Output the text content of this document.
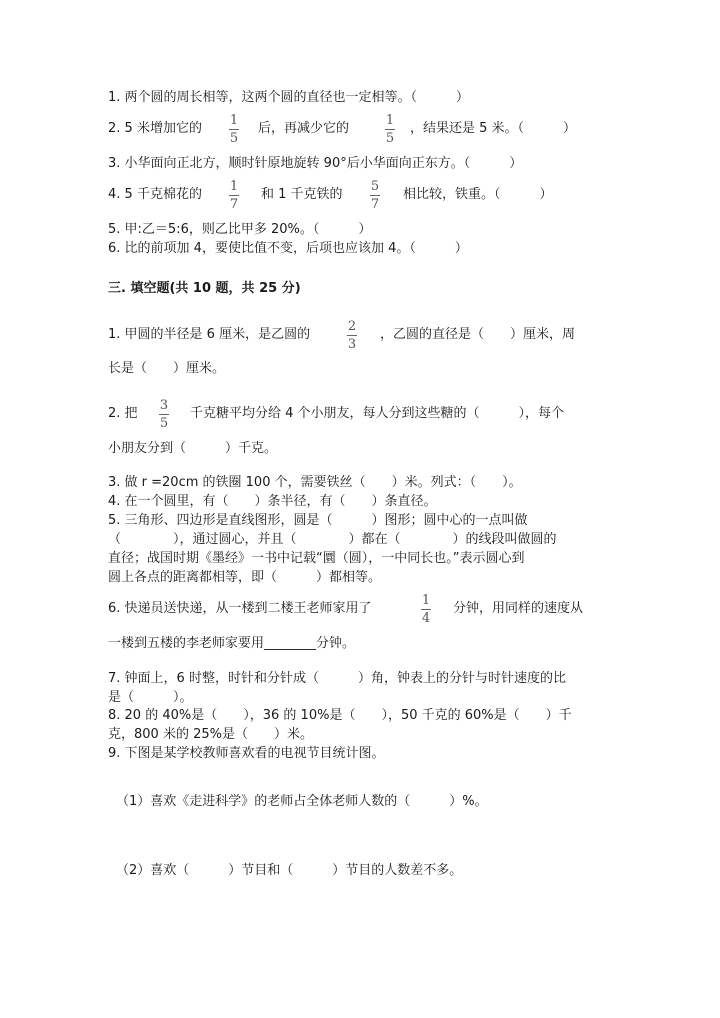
1. 两个圆的周长相等，这两个圆的直径也一定相等。（　　　）
2. 5 米增加它的
1
5
后，再减少它的
1
5
，结果还是 5 米。（　　　）
3. 小华面向正北方，顺时针原地旋转 90°后小华面向正东方。（　　　）
4. 5 千克棉花的
1
7
和 1 千克铁的
5
7
相比较，铁重。（　　　）
5. 甲:乙＝5:6，则乙比甲多 20%。（　　　）
6. 比的前项加 4，要使比值不变，后项也应该加 4。（　　　）
三. 填空题(共 10 题，共 25 分)
1. 甲圆的半径是 6 厘米，是乙圆的
2
3
，乙圆的直径是（　　）厘米，周
长是（　　）厘米。
2. 把
3
5
千克糖平均分给 4 个小朋友，每人分到这些糖的（　　　），每个
小朋友分到（　　　）千克。
3. 做 r =20cm 的铁圈 100 个，需要铁丝（　　）米。列式：（　　）。
4. 在一个圆里，有（　　）条半径，有（　　）条直径。
5. 三角形、四边形是直线图形，圆是（　　　）图形；圆中心的一点叫做
（　　　　），通过圆心，并且（　　　　）都在（　　　　）的线段叫做圆的
直径；战国时期《墨经》一书中记载“圜（圆），一中同长也。”表示圆心到
圆上各点的距离都相等，即（　　　）都相等。
6. 快递员送快递，从一楼到二楼王老师家用了
1
4
分钟，用同样的速度从
一楼到五楼的李老师家要用________分钟。
7. 钟面上，6 时整，时针和分针成（　　　）角，钟表上的分针与时针速度的比
是（　　　）。
8. 20 的 40%是（　　），36 的 10%是（　　），50 千克的 60%是（　　）千
克，800 米的 25%是（　　）米。
9. 下图是某学校教师喜欢看的电视节目统计图。
（1）喜欢《走进科学》的老师占全体老师人数的（　　　）%。
（2）喜欢（　　　）节目和（　　　）节目的人数差不多。
